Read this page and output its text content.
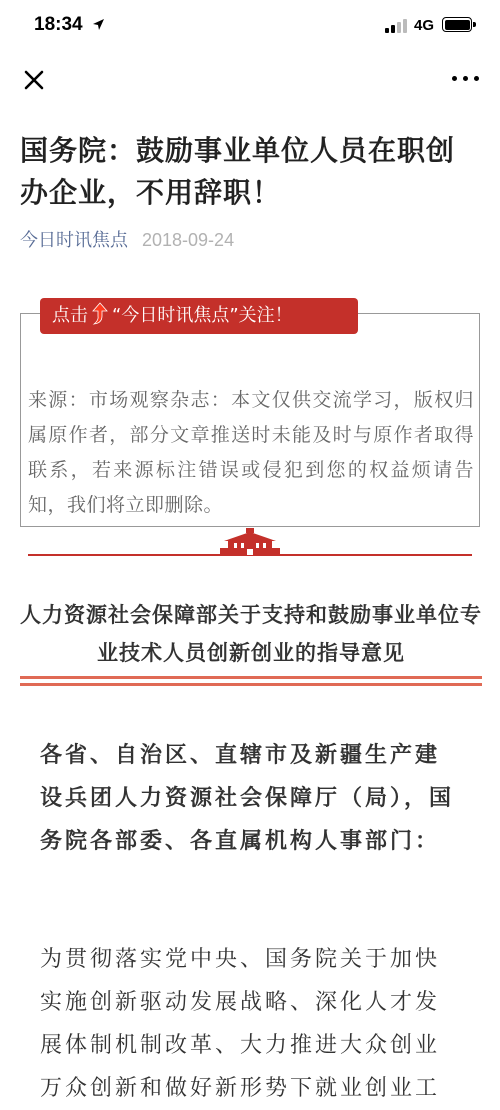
18:34	4G
国务院：鼓励事业单位人员在职创办企业，不用辞职！
今日时讯焦点 2018-09-24
点击 “今日时讯焦点”关注！

来源：市场观察杂志：本文仅供交流学习，版权归属原作者，部分文章推送时未能及时与原作者取得联系，若来源标注错误或侵犯到您的权益烦请告知，我们将立即删除。

人力资源社会保障部关于支持和鼓励事业单位专业技术人员创新创业的指导意见

各省、自治区、直辖市及新疆生产建设兵团人力资源社会保障厅（局），国务院各部委、各直属机构人事部门：

为贯彻落实党中央、国务院关于加快实施创新驱动发展战略、深化人才发展体制机制改革、大力推进大众创业万众创新和做好新形势下就业创业工
